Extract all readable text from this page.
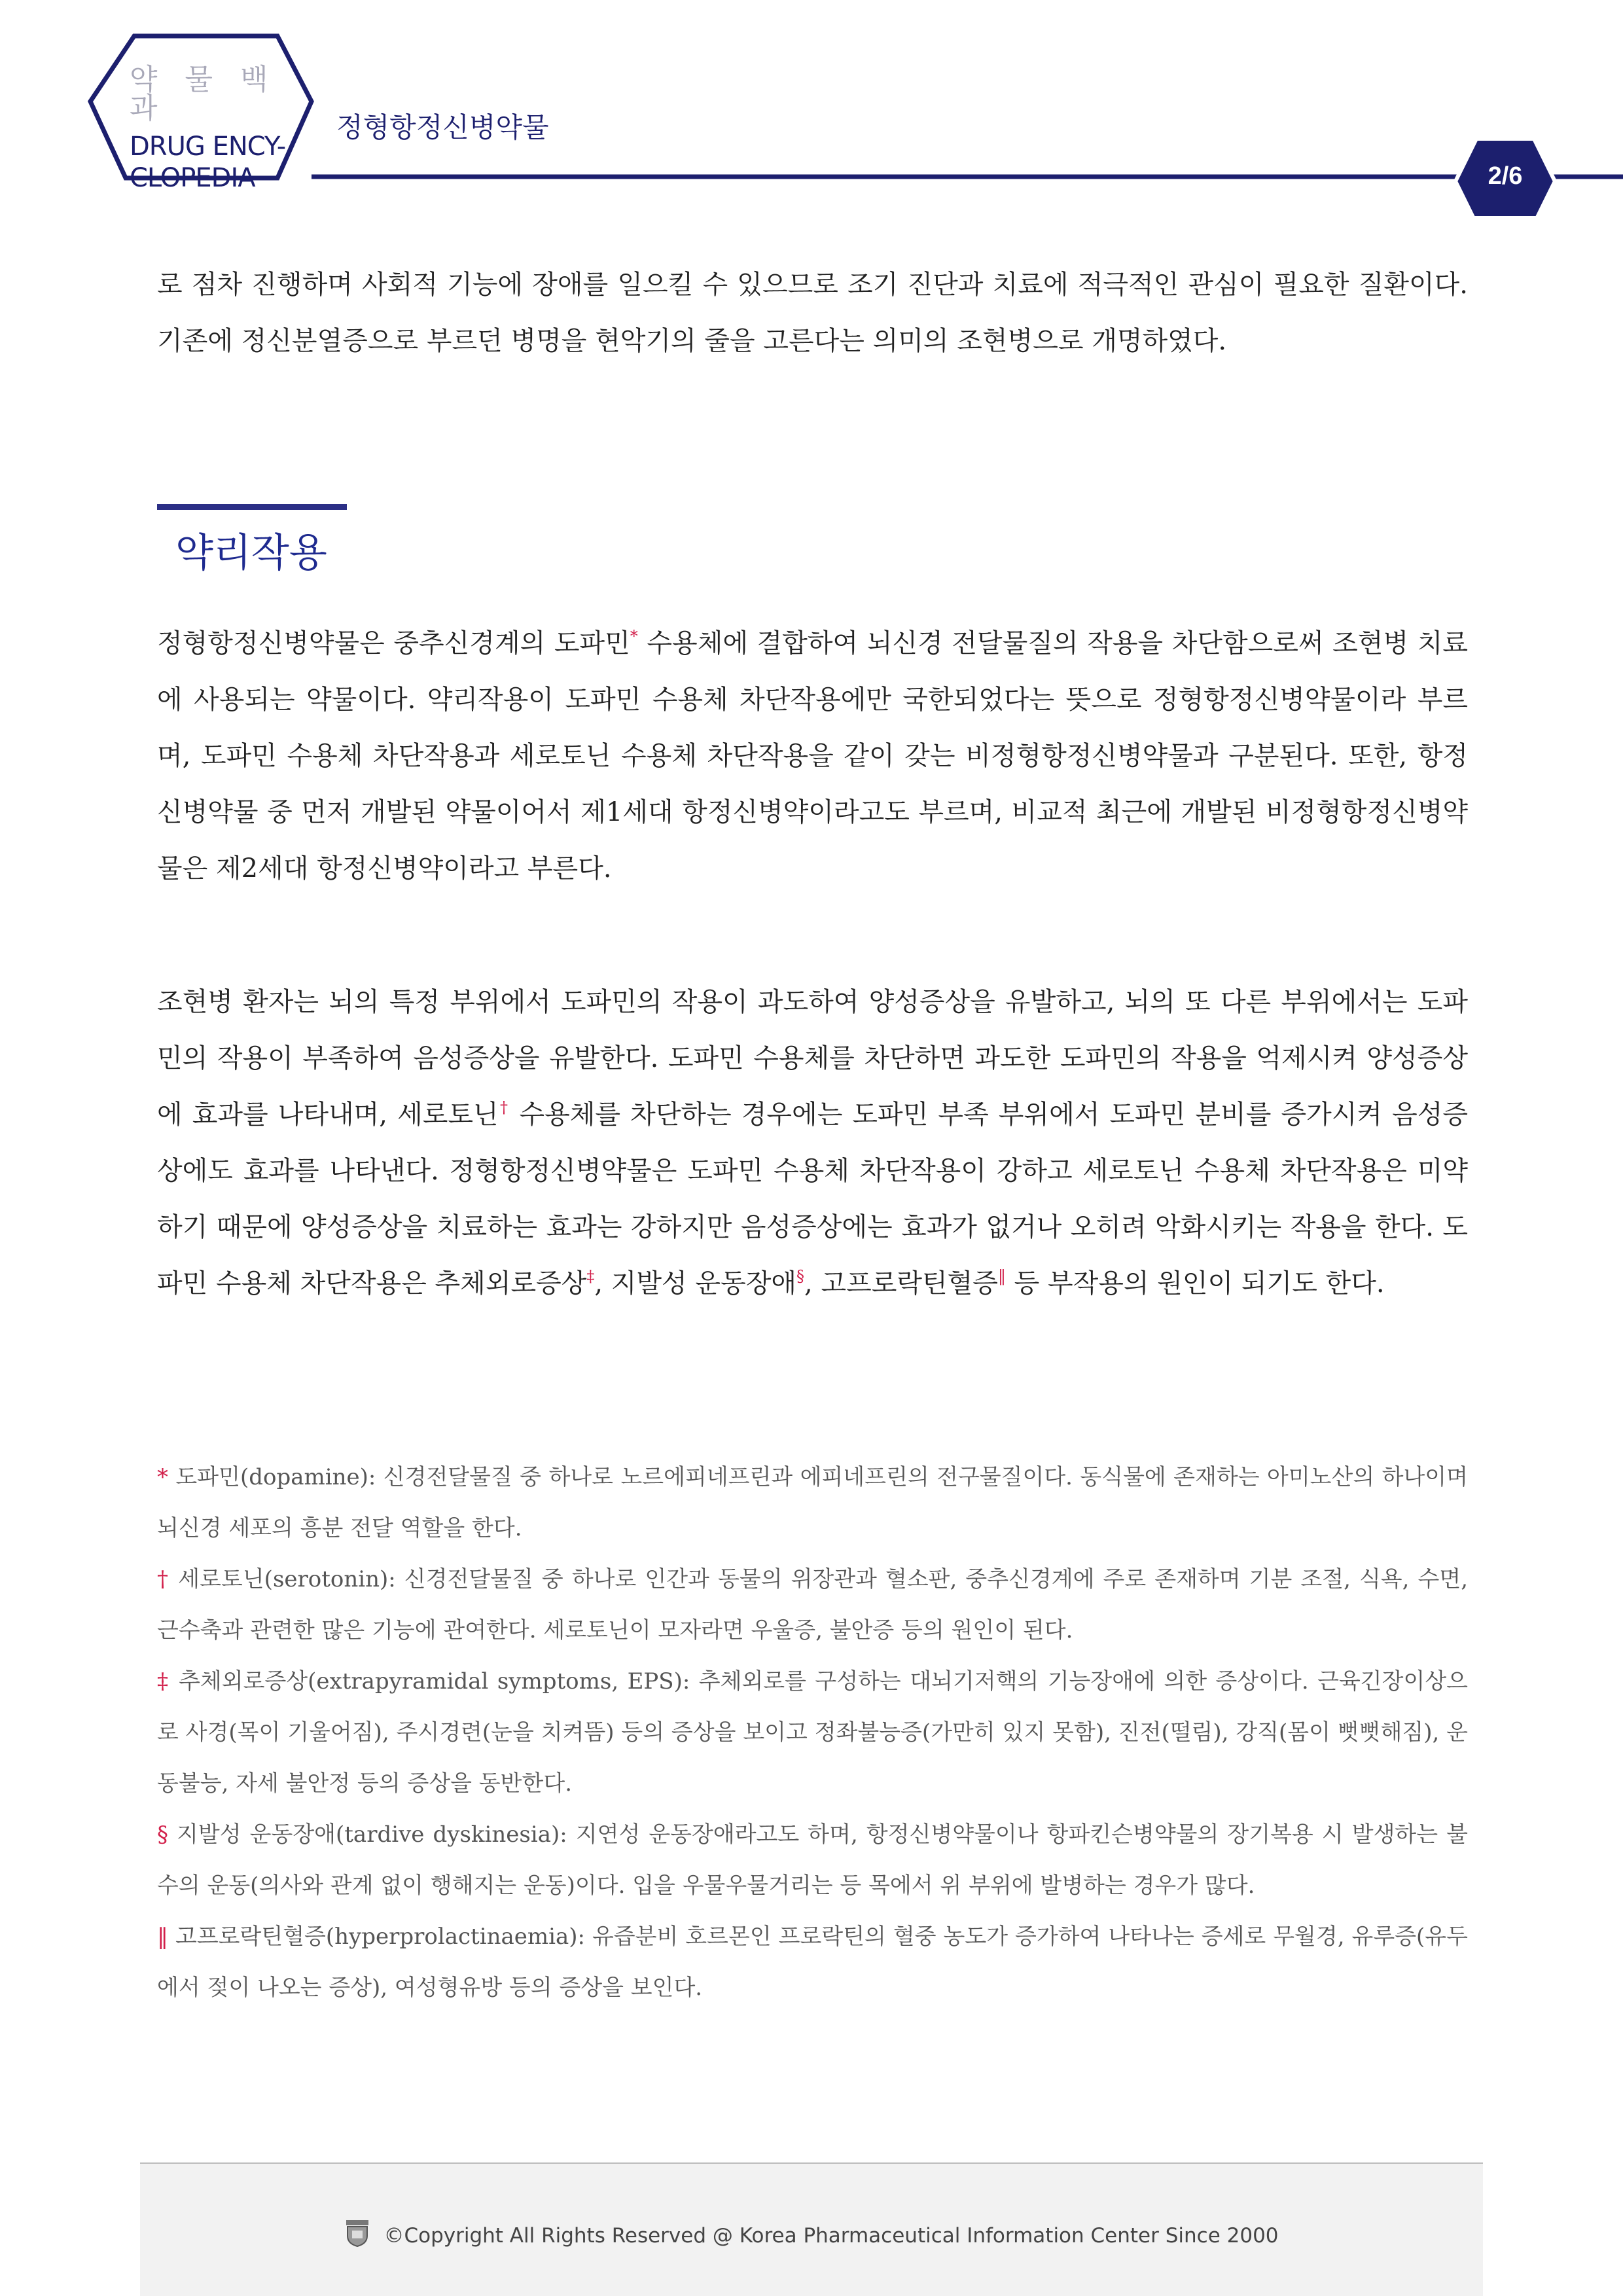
약 물 백 과
DRUG ENCY-
CLOPEDIA
정형항정신병약물
2/6
로 점차 진행하며 사회적 기능에 장애를 일으킬 수 있으므로 조기 진단과 치료에 적극적인 관심이 필요한 질환이다. 기존에 정신분열증으로 부르던 병명을 현악기의 줄을 고른다는 의미의 조현병으로 개명하였다.
약리작용
정형항정신병약물은 중추신경계의 도파민* 수용체에 결합하여 뇌신경 전달물질의 작용을 차단함으로써 조현병 치료에 사용되는 약물이다. 약리작용이 도파민 수용체 차단작용에만 국한되었다는 뜻으로 정형항정신병약물이라 부르며, 도파민 수용체 차단작용과 세로토닌 수용체 차단작용을 같이 갖는 비정형항정신병약물과 구분된다. 또한, 항정신병약물 중 먼저 개발된 약물이어서 제1세대 항정신병약이라고도 부르며, 비교적 최근에 개발된 비정형항정신병약물은 제2세대 항정신병약이라고 부른다.
조현병 환자는 뇌의 특정 부위에서 도파민의 작용이 과도하여 양성증상을 유발하고, 뇌의 또 다른 부위에서는 도파민의 작용이 부족하여 음성증상을 유발한다. 도파민 수용체를 차단하면 과도한 도파민의 작용을 억제시켜 양성증상에 효과를 나타내며, 세로토닌† 수용체를 차단하는 경우에는 도파민 부족 부위에서 도파민 분비를 증가시켜 음성증상에도 효과를 나타낸다. 정형항정신병약물은 도파민 수용체 차단작용이 강하고 세로토닌 수용체 차단작용은 미약하기 때문에 양성증상을 치료하는 효과는 강하지만 음성증상에는 효과가 없거나 오히려 악화시키는 작용을 한다. 도파민 수용체 차단작용은 추체외로증상‡, 지발성 운동장애§, 고프로락틴혈증‖ 등 부작용의 원인이 되기도 한다.
* 도파민(dopamine): 신경전달물질 중 하나로 노르에피네프린과 에피네프린의 전구물질이다. 동식물에 존재하는 아미노산의 하나이며 뇌신경 세포의 흥분 전달 역할을 한다.
† 세로토닌(serotonin): 신경전달물질 중 하나로 인간과 동물의 위장관과 혈소판, 중추신경계에 주로 존재하며 기분 조절, 식욕, 수면, 근수축과 관련한 많은 기능에 관여한다. 세로토닌이 모자라면 우울증, 불안증 등의 원인이 된다.
‡ 추체외로증상(extrapyramidal symptoms, EPS): 추체외로를 구성하는 대뇌기저핵의 기능장애에 의한 증상이다. 근육긴장이상으로 사경(목이 기울어짐), 주시경련(눈을 치켜뜸) 등의 증상을 보이고 정좌불능증(가만히 있지 못함), 진전(떨림), 강직(몸이 뻣뻣해짐), 운동불능, 자세 불안정 등의 증상을 동반한다.
§ 지발성 운동장애(tardive dyskinesia): 지연성 운동장애라고도 하며, 항정신병약물이나 항파킨슨병약물의 장기복용 시 발생하는 불수의 운동(의사와 관계 없이 행해지는 운동)이다. 입을 우물우물거리는 등 목에서 위 부위에 발병하는 경우가 많다.
‖ 고프로락틴혈증(hyperprolactinaemia): 유즙분비 호르몬인 프로락틴의 혈중 농도가 증가하여 나타나는 증세로 무월경, 유루증(유두에서 젖이 나오는 증상), 여성형유방 등의 증상을 보인다.
©Copyright All Rights Reserved @ Korea Pharmaceutical Information Center Since 2000
